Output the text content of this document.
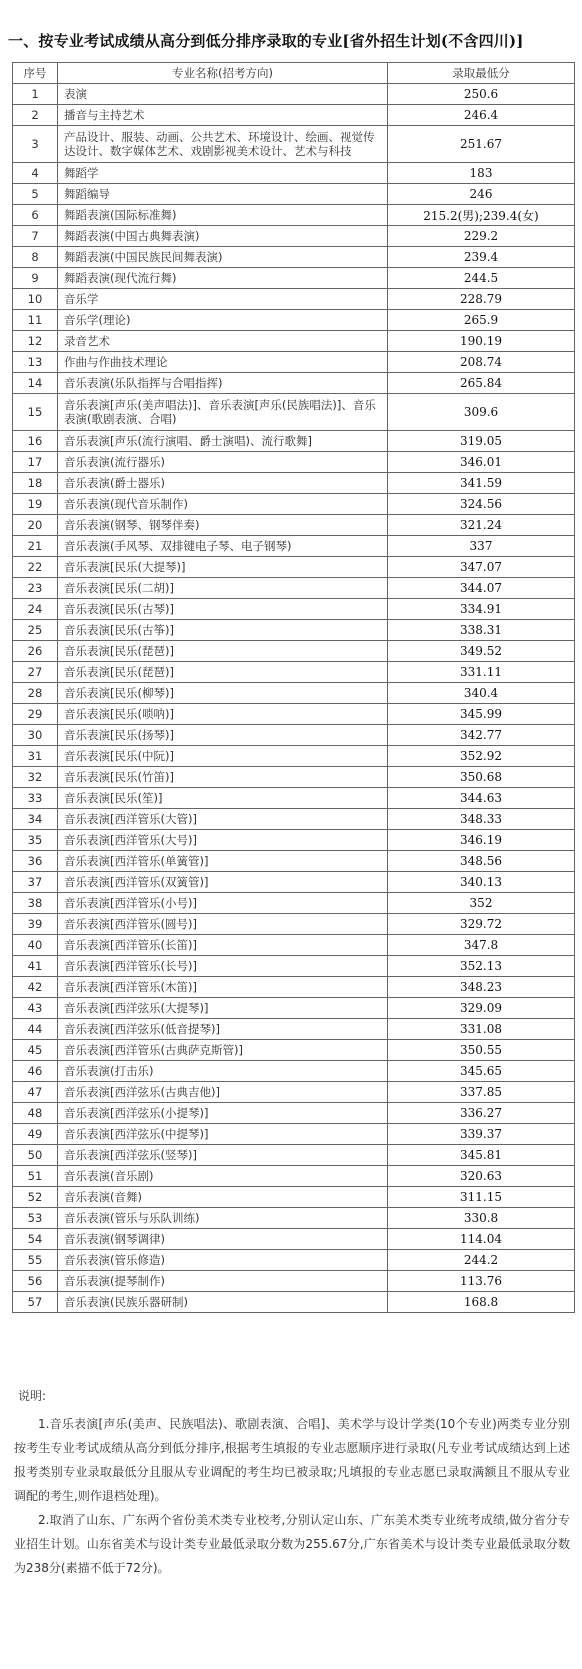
一、按专业考试成绩从高分到低分排序录取的专业[省外招生计划(不含四川)]
序号	专业名称(招考方向)	录取最低分
1	表演	250.6
2	播音与主持艺术	246.4
3	产品设计、服装、动画、公共艺术、环境设计、绘画、视觉传达设计、数字媒体艺术、戏剧影视美术设计、艺术与科技	251.67
4	舞蹈学	183
5	舞蹈编导	246
6	舞蹈表演(国际标准舞)	215.2(男);239.4(女)
7	舞蹈表演(中国古典舞表演)	229.2
8	舞蹈表演(中国民族民间舞表演)	239.4
9	舞蹈表演(现代流行舞)	244.5
10	音乐学	228.79
11	音乐学(理论)	265.9
12	录音艺术	190.19
13	作曲与作曲技术理论	208.74
14	音乐表演(乐队指挥与合唱指挥)	265.84
15	音乐表演[声乐(美声唱法)]、音乐表演[声乐(民族唱法)]、音乐表演(歌剧表演、合唱)	309.6
16	音乐表演[声乐(流行演唱、爵士演唱)、流行歌舞]	319.05
17	音乐表演(流行器乐)	346.01
18	音乐表演(爵士器乐)	341.59
19	音乐表演(现代音乐制作)	324.56
20	音乐表演(钢琴、钢琴伴奏)	321.24
21	音乐表演(手风琴、双排键电子琴、电子钢琴)	337
22	音乐表演[民乐(大提琴)]	347.07
23	音乐表演[民乐(二胡)]	344.07
24	音乐表演[民乐(古琴)]	334.91
25	音乐表演[民乐(古筝)]	338.31
26	音乐表演[民乐(琵琶)]	349.52
27	音乐表演[民乐(琵琶)]	331.11
28	音乐表演[民乐(柳琴)]	340.4
29	音乐表演[民乐(唢呐)]	345.99
30	音乐表演[民乐(扬琴)]	342.77
31	音乐表演[民乐(中阮)]	352.92
32	音乐表演[民乐(竹笛)]	350.68
33	音乐表演[民乐(笙)]	344.63
34	音乐表演[西洋管乐(大管)]	348.33
35	音乐表演[西洋管乐(大号)]	346.19
36	音乐表演[西洋管乐(单簧管)]	348.56
37	音乐表演[西洋管乐(双簧管)]	340.13
38	音乐表演[西洋管乐(小号)]	352
39	音乐表演[西洋管乐(圆号)]	329.72
40	音乐表演[西洋管乐(长笛)]	347.8
41	音乐表演[西洋管乐(长号)]	352.13
42	音乐表演[西洋管乐(木笛)]	348.23
43	音乐表演[西洋弦乐(大提琴)]	329.09
44	音乐表演[西洋弦乐(低音提琴)]	331.08
45	音乐表演[西洋管乐(古典萨克斯管)]	350.55
46	音乐表演(打击乐)	345.65
47	音乐表演[西洋弦乐(古典吉他)]	337.85
48	音乐表演[西洋弦乐(小提琴)]	336.27
49	音乐表演[西洋弦乐(中提琴)]	339.37
50	音乐表演[西洋弦乐(竖琴)]	345.81
51	音乐表演(音乐剧)	320.63
52	音乐表演(音舞)	311.15
53	音乐表演(管乐与乐队训练)	330.8
54	音乐表演(钢琴调律)	114.04
55	音乐表演(管乐修造)	244.2
56	音乐表演(提琴制作)	113.76
57	音乐表演(民族乐器研制)	168.8
说明:

1.音乐表演[声乐(美声、民族唱法)、歌剧表演、合唱]、美术学与设计学类(10个专业)两类专业分别按考生专业考试成绩从高分到低分排序,根据考生填报的专业志愿顺序进行录取(凡专业考试成绩达到上述报考类别专业录取最低分且服从专业调配的考生均已被录取;凡填报的专业志愿已录取满额且不服从专业调配的考生,则作退档处理)。

2.取消了山东、广东两个省份美术类专业校考,分别认定山东、广东美术类专业统考成绩,做分省分专业招生计划。山东省美术与设计类专业最低录取分数为255.67分,广东省美术与设计类专业最低录取分数为238分(素描不低于72分)。
